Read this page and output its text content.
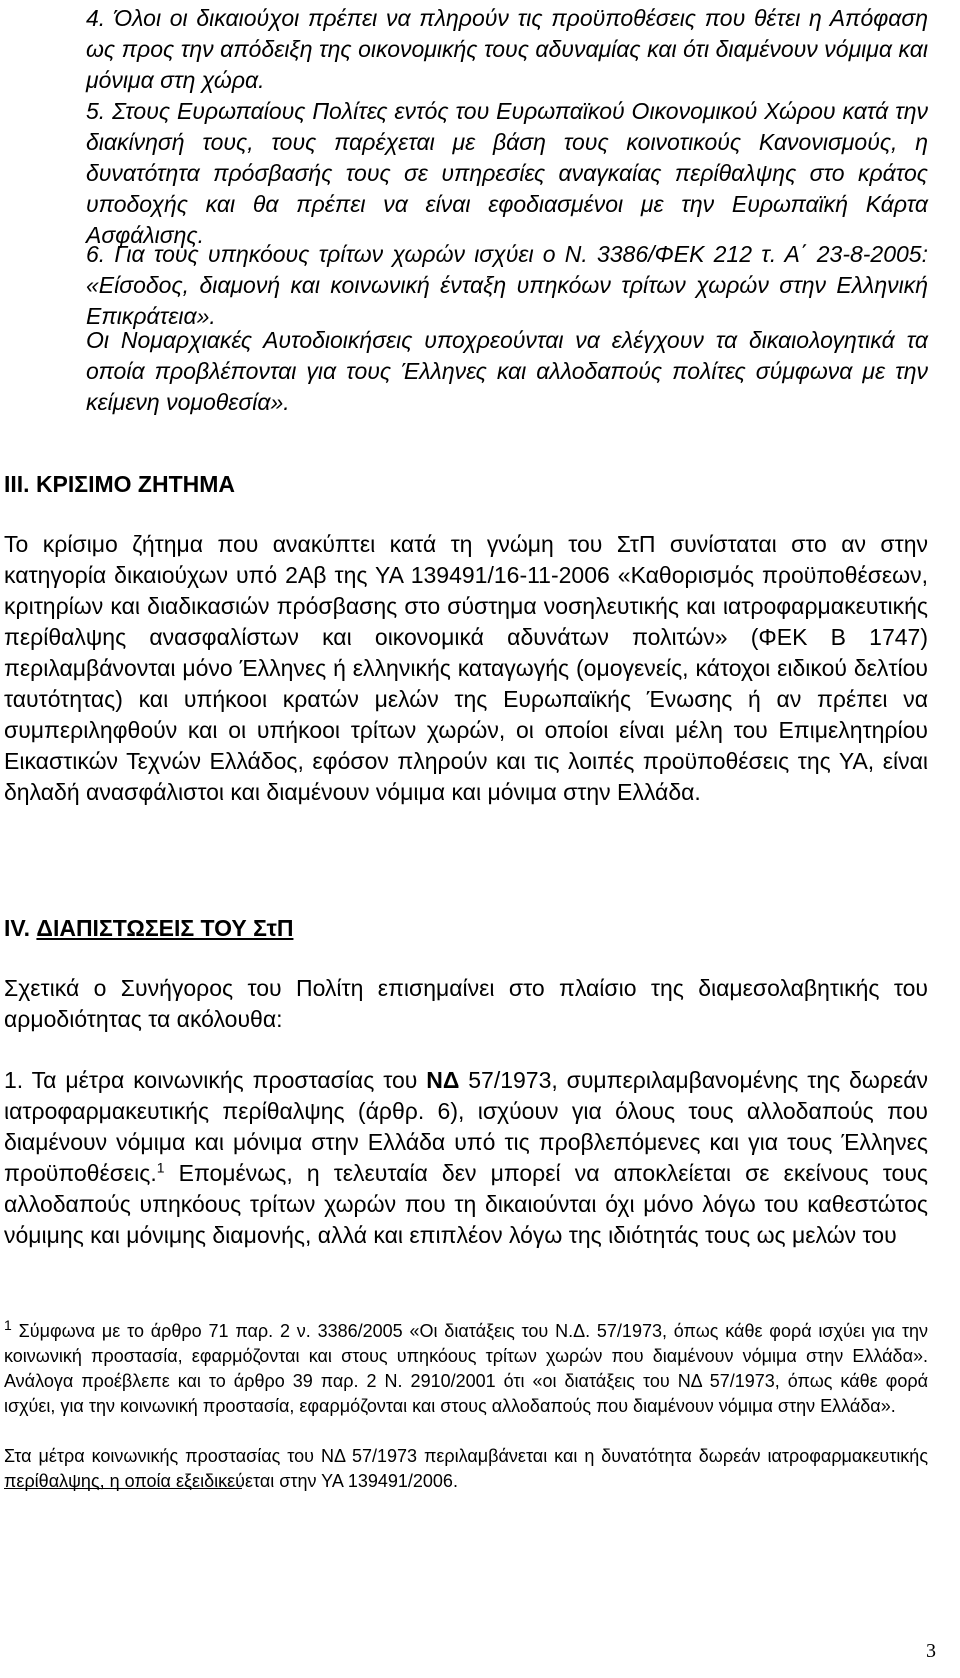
4. Όλοι οι δικαιούχοι πρέπει να πληρούν τις προϋποθέσεις που θέτει η Απόφαση ως προς την απόδειξη της οικονομικής τους αδυναμίας και ότι διαμένουν νόμιμα και μόνιμα στη χώρα.

5. Στους Ευρωπαίους Πολίτες εντός του Ευρωπαϊκού Οικονομικού Χώρου κατά την διακίνησή τους, τους παρέχεται με βάση τους κοινοτικούς Κανονισμούς, η δυνατότητα πρόσβασής τους σε υπηρεσίες αναγκαίας περίθαλψης στο κράτος υποδοχής και θα πρέπει να είναι εφοδιασμένοι με την Ευρωπαϊκή Κάρτα Ασφάλισης.

6. Για τους υπηκόους τρίτων χωρών ισχύει ο Ν. 3386/ΦΕΚ 212 τ. Α΄ 23-8-2005: «Είσοδος, διαμονή και κοινωνική ένταξη υπηκόων τρίτων χωρών στην Ελληνική Επικράτεια».

Οι Νομαρχιακές Αυτοδιοικήσεις υποχρεούνται να ελέγχουν τα δικαιολογητικά τα οποία προβλέπονται για τους Έλληνες και αλλοδαπούς πολίτες σύμφωνα με την κείμενη νομοθεσία».

ΙΙΙ. ΚΡΙΣΙΜΟ ΖΗΤΗΜΑ

Το κρίσιμο ζήτημα που ανακύπτει κατά τη γνώμη του ΣτΠ συνίσταται στο αν στην κατηγορία δικαιούχων υπό 2Αβ της ΥΑ 139491/16-11-2006 «Καθορισμός προϋποθέσεων, κριτηρίων και διαδικασιών πρόσβασης στο σύστημα νοσηλευτικής και ιατροφαρμακευτικής περίθαλψης ανασφαλίστων και οικονομικά αδυνάτων πολιτών» (ΦΕΚ Β 1747) περιλαμβάνονται μόνο Έλληνες ή ελληνικής καταγωγής (ομογενείς, κάτοχοι ειδικού δελτίου ταυτότητας) και υπήκοοι κρατών μελών της Ευρωπαϊκής Ένωσης ή αν πρέπει να συμπεριληφθούν και οι υπήκοοι τρίτων χωρών, οι οποίοι είναι μέλη του Επιμελητηρίου Εικαστικών Τεχνών Ελλάδος, εφόσον πληρούν και τις λοιπές προϋποθέσεις της ΥΑ, είναι δηλαδή ανασφάλιστοι και διαμένουν νόμιμα και μόνιμα στην Ελλάδα.

IV. ΔΙΑΠΙΣΤΩΣΕΙΣ ΤΟΥ ΣτΠ

Σχετικά ο Συνήγορος του Πολίτη επισημαίνει στο πλαίσιο της διαμεσολαβητικής του αρμοδιότητας τα ακόλουθα:

1. Τα μέτρα κοινωνικής προστασίας του ΝΔ 57/1973, συμπεριλαμβανομένης της δωρεάν ιατροφαρμακευτικής περίθαλψης (άρθρ. 6), ισχύουν για όλους τους αλλοδαπούς που διαμένουν νόμιμα και μόνιμα στην Ελλάδα υπό τις προβλεπόμενες και για τους Έλληνες προϋποθέσεις.$^1$ Επομένως, η τελευταία δεν μπορεί να αποκλείεται σε εκείνους τους αλλοδαπούς υπηκόους τρίτων χωρών που τη δικαιούνται όχι μόνο λόγω του καθεστώτος νόμιμης και μόνιμης διαμονής, αλλά και επιπλέον λόγω της ιδιότητάς τους ως μελών του

$^1$ Σύμφωνα με το άρθρο 71 παρ. 2 ν. 3386/2005 «Οι διατάξεις του Ν.Δ. 57/1973, όπως κάθε φορά ισχύει για την κοινωνική προστασία, εφαρμόζονται και στους υπηκόους τρίτων χωρών που διαμένουν νόμιμα στην Ελλάδα». Ανάλογα προέβλεπε και το άρθρο 39 παρ. 2 Ν. 2910/2001 ότι «οι διατάξεις του ΝΔ 57/1973, όπως κάθε φορά ισχύει, για την κοινωνική προστασία, εφαρμόζονται και στους αλλοδαπούς που διαμένουν νόμιμα στην Ελλάδα».

Στα μέτρα κοινωνικής προστασίας του ΝΔ 57/1973 περιλαμβάνεται και η δυνατότητα δωρεάν ιατροφαρμακευτικής περίθαλψης, η οποία εξειδικεύεται στην ΥΑ 139491/2006.

3
